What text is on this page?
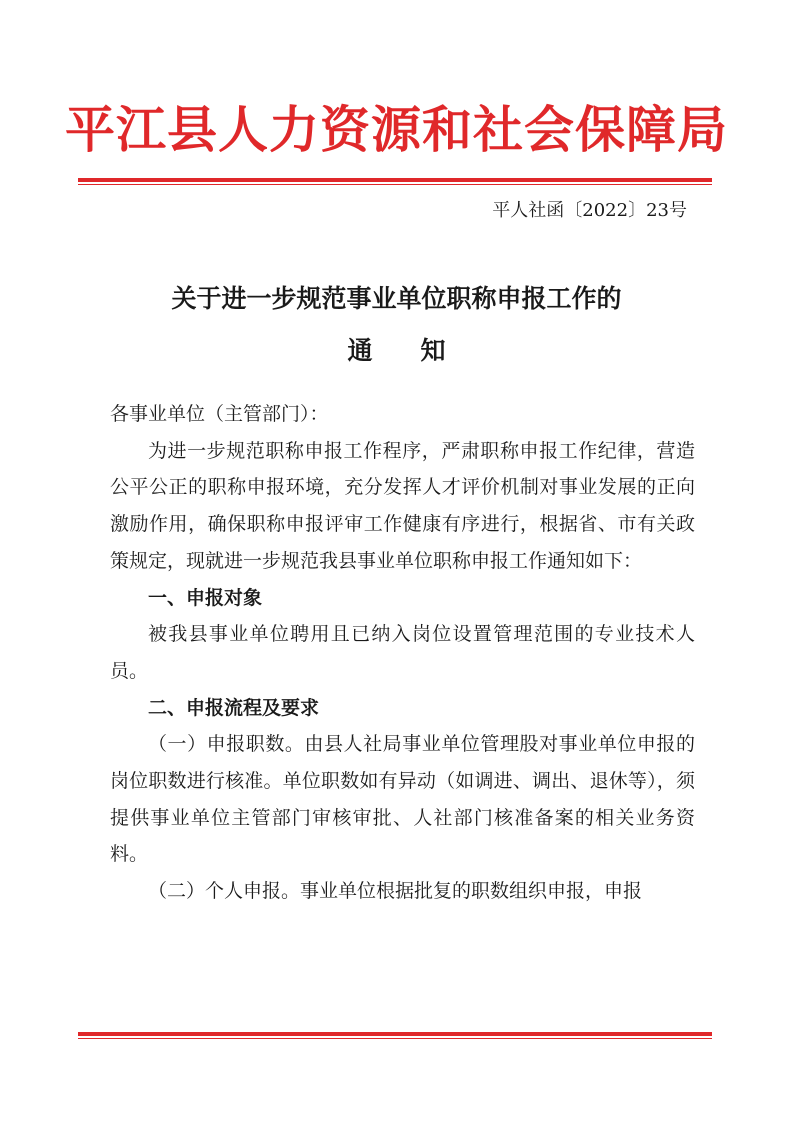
平江县人力资源和社会保障局
平人社函〔2022〕23号
关于进一步规范事业单位职称申报工作的
通知

各事业单位（主管部门）：

为进一步规范职称申报工作程序，严肃职称申报工作纪律，营造公平公正的职称申报环境，充分发挥人才评价机制对事业发展的正向激励作用，确保职称申报评审工作健康有序进行，根据省、市有关政策规定，现就进一步规范我县事业单位职称申报工作通知如下：

一、申报对象

被我县事业单位聘用且已纳入岗位设置管理范围的专业技术人员。

二、申报流程及要求

（一）申报职数。由县人社局事业单位管理股对事业单位申报的岗位职数进行核准。单位职数如有异动（如调进、调出、退休等），须提供事业单位主管部门审核审批、人社部门核准备案的相关业务资料。

（二）个人申报。事业单位根据批复的职数组织申报，申报
